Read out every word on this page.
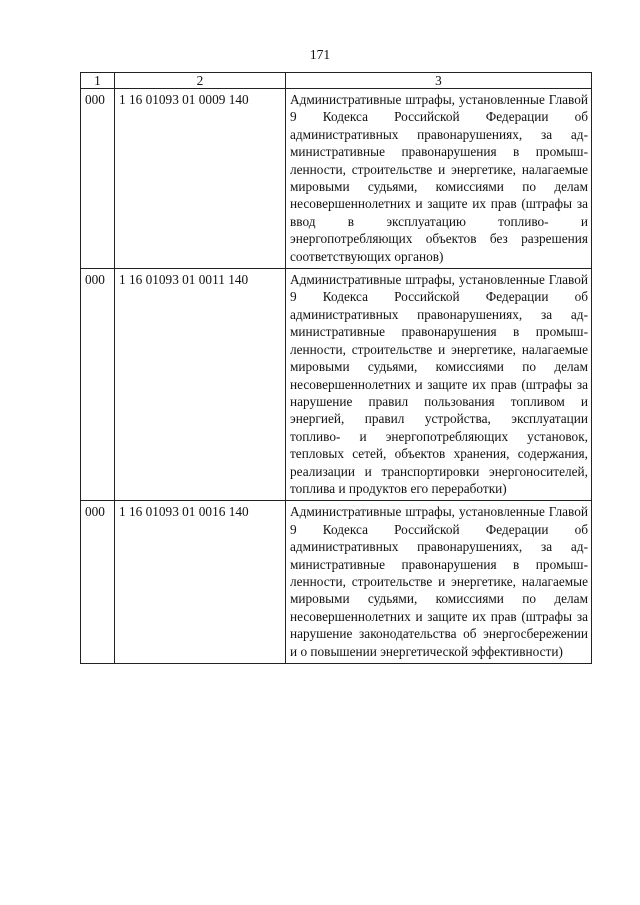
171
1	2	3
000	1 16 01093 01 0009 140	Административные штрафы, установленные Главой 9 Кодекса Российской Федерации об административных правонарушениях, за административные правонарушения в промышленности, строительстве и энергетике, налагаемые мировыми судьями, комиссиями по делам несовершеннолетних и защите их прав (штрафы за ввод в эксплуатацию топливо- и энергопотребляющих объектов без разрешения соответствующих органов)
000	1 16 01093 01 0011 140	Административные штрафы, установленные Главой 9 Кодекса Российской Федерации об административных правонарушениях, за административные правонарушения в промышленности, строительстве и энергетике, налагаемые мировыми судьями, комиссиями по делам несовершеннолетних и защите их прав (штрафы за нарушение правил пользования топливом и энергией, правил устройства, эксплуатации топливо- и энергопотребляющих установок, тепловых сетей, объектов хранения, содержания, реализации и транспортировки энергоносителей, топлива и продуктов его переработки)
000	1 16 01093 01 0016 140	Административные штрафы, установленные Главой 9 Кодекса Российской Федерации об административных правонарушениях, за административные правонарушения в промышленности, строительстве и энергетике, налагаемые мировыми судьями, комиссиями по делам несовершеннолетних и защите их прав (штрафы за нарушение законодательства об энергосбережении и о повышении энергетической эффективности)
